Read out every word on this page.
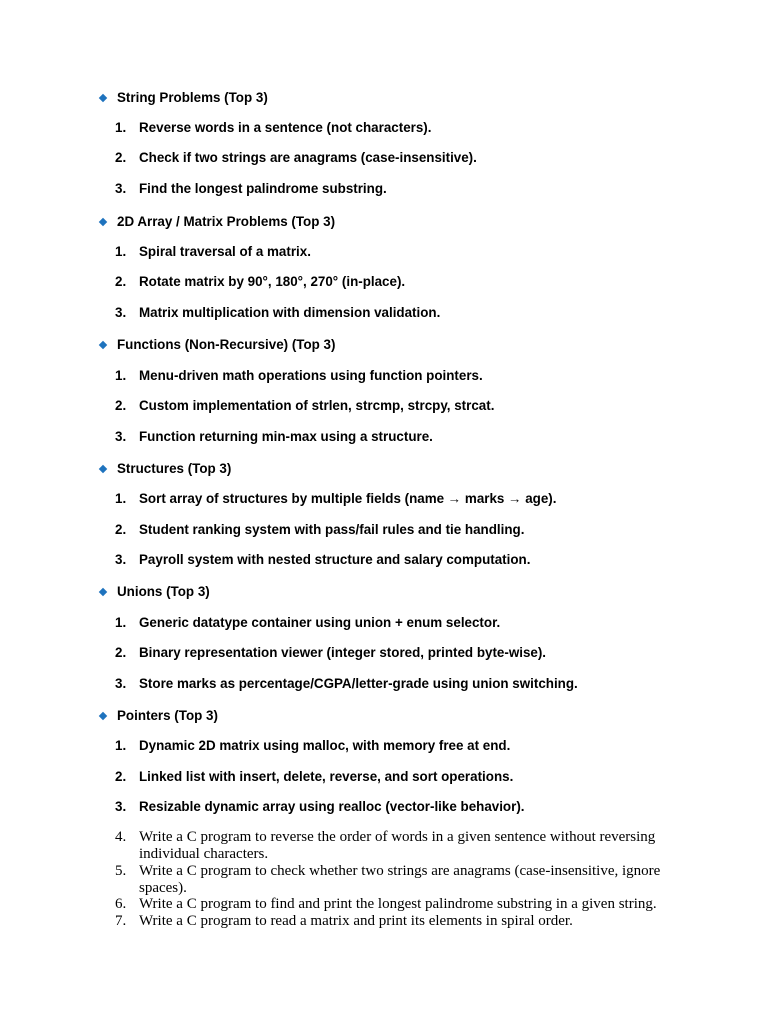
String Problems (Top 3)
1. Reverse words in a sentence (not characters).
2. Check if two strings are anagrams (case-insensitive).
3. Find the longest palindrome substring.
2D Array / Matrix Problems (Top 3)
1. Spiral traversal of a matrix.
2. Rotate matrix by 90°, 180°, 270° (in-place).
3. Matrix multiplication with dimension validation.
Functions (Non-Recursive) (Top 3)
1. Menu-driven math operations using function pointers.
2. Custom implementation of strlen, strcmp, strcpy, strcat.
3. Function returning min-max using a structure.
Structures (Top 3)
1. Sort array of structures by multiple fields (name → marks → age).
2. Student ranking system with pass/fail rules and tie handling.
3. Payroll system with nested structure and salary computation.
Unions (Top 3)
1. Generic datatype container using union + enum selector.
2. Binary representation viewer (integer stored, printed byte-wise).
3. Store marks as percentage/CGPA/letter-grade using union switching.
Pointers (Top 3)
1. Dynamic 2D matrix using malloc, with memory free at end.
2. Linked list with insert, delete, reverse, and sort operations.
3. Resizable dynamic array using realloc (vector-like behavior).
4. Write a C program to reverse the order of words in a given sentence without reversing individual characters.
5. Write a C program to check whether two strings are anagrams (case-insensitive, ignore spaces).
6. Write a C program to find and print the longest palindrome substring in a given string.
7. Write a C program to read a matrix and print its elements in spiral order.
